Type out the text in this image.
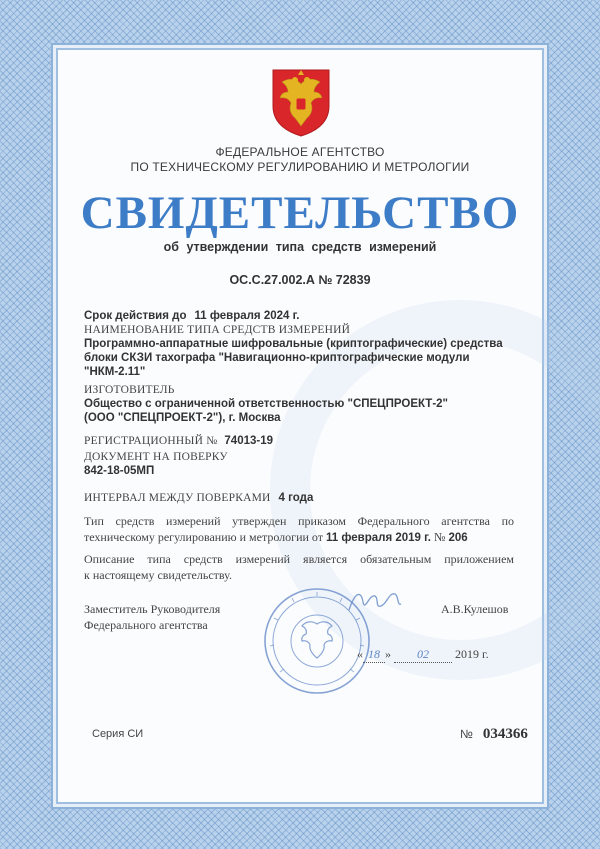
ФЕДЕРАЛЬНОЕ АГЕНТСТВО
ПО ТЕХНИЧЕСКОМУ РЕГУЛИРОВАНИЮ И МЕТРОЛОГИИ
СВИДЕТЕЛЬСТВО
об утверждении типа средств измерений
ОС.С.27.002.А № 72839
Срок действия до 11 февраля 2024 г.
НАИМЕНОВАНИЕ ТИПА СРЕДСТВ ИЗМЕРЕНИЙ
Программно-аппаратные шифровальные (криптографические) средства
блоки СКЗИ тахографа "Навигационно-криптографические модули
"НКМ-2.11"
ИЗГОТОВИТЕЛЬ
Общество с ограниченной ответственностью "СПЕЦПРОЕКТ-2"
(ООО "СПЕЦПРОЕКТ-2"), г. Москва
РЕГИСТРАЦИОННЫЙ № 74013-19
ДОКУМЕНТ НА ПОВЕРКУ
842-18-05МП
ИНТЕРВАЛ МЕЖДУ ПОВЕРКАМИ 4 года
Тип средств измерений утвержден приказом Федерального агентства по
техническому регулированию и метрологии от 11 февраля 2019 г. № 206
Описание типа средств измерений является обязательным приложением
к настоящему свидетельству.
Заместитель Руководителя
Федерального агентства
А.В.Кулешов
« 18 » 02 2019 г.
Серия СИ	№ 034366
